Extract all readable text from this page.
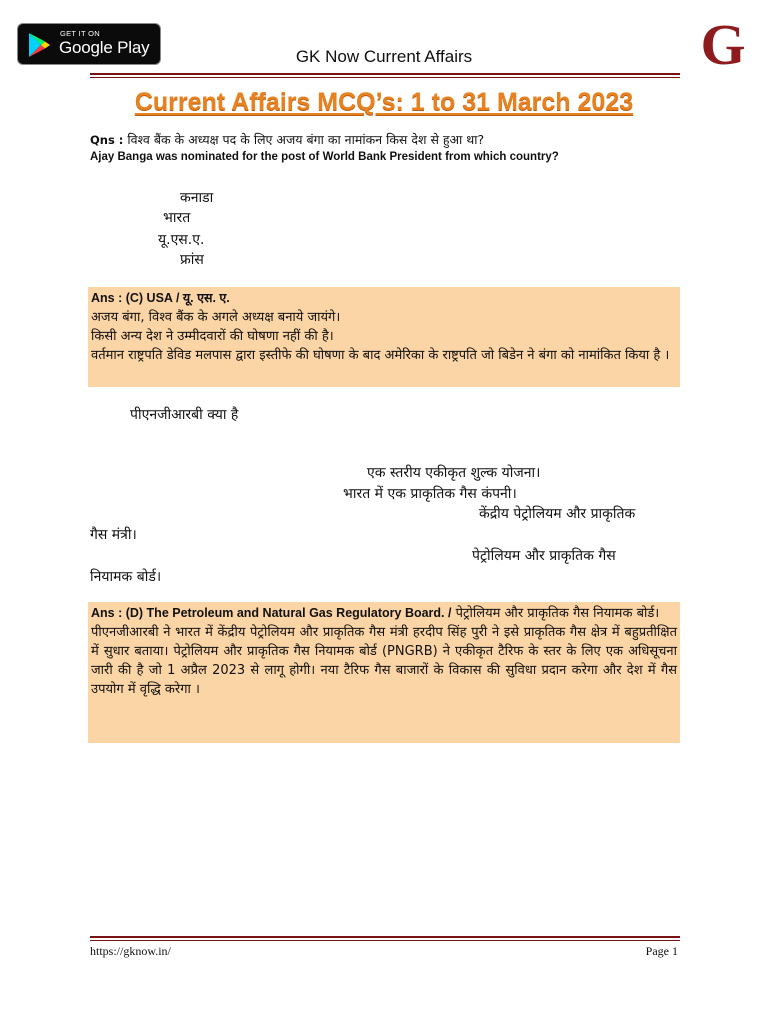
GET IT ON
Google Play	G
GK Now Current Affairs
Current Affairs MCQ’s: 1 to 31 March 2023
Qns : विश्व बैंक के अध्यक्ष पद के लिए अजय बंगा का नामांकन किस देश से हुआ था?
Ajay Banga was nominated for the post of World Bank President from which country?
कनाडा
भारत
यू.एस.ए.
फ्रांस

Ans : (C) USA / यू. एस. ए.

अजय बंगा, विश्व बैंक के अगले अध्यक्ष बनाये जायंगे।

किसी अन्य देश ने उम्मीदवारों की घोषणा नहीं की है।

वर्तमान राष्ट्रपति डेविड मलपास द्वारा इस्तीफे की घोषणा के बाद अमेरिका के राष्ट्रपति जो बिडेन ने बंगा को नामांकित किया है ।

पीएनजीआरबी क्या है
एक स्तरीय एकीकृत शुल्क योजना।
भारत में एक प्राकृतिक गैस कंपनी।
केंद्रीय पेट्रोलियम और प्राकृतिक
गैस मंत्री।
पेट्रोलियम और प्राकृतिक गैस
नियामक बोर्ड।

Ans : (D) The Petroleum and Natural Gas Regulatory Board. / पेट्रोलियम और प्राकृतिक गैस नियामक बोर्ड।

पीएनजीआरबी ने भारत में केंद्रीय पेट्रोलियम और प्राकृतिक गैस मंत्री हरदीप सिंह पुरी ने इसे प्राकृतिक गैस क्षेत्र में बहुप्रतीक्षित में सुधार बताया। पेट्रोलियम और प्राकृतिक गैस नियामक बोर्ड (PNGRB) ने एकीकृत टैरिफ के स्तर के लिए एक अधिसूचना जारी की है जो 1 अप्रैल 2023 से लागू होगी। नया टैरिफ गैस बाजारों के विकास की सुविधा प्रदान करेगा और देश में गैस उपयोग में वृद्धि करेगा ।

https://gknow.in/	Page 1
